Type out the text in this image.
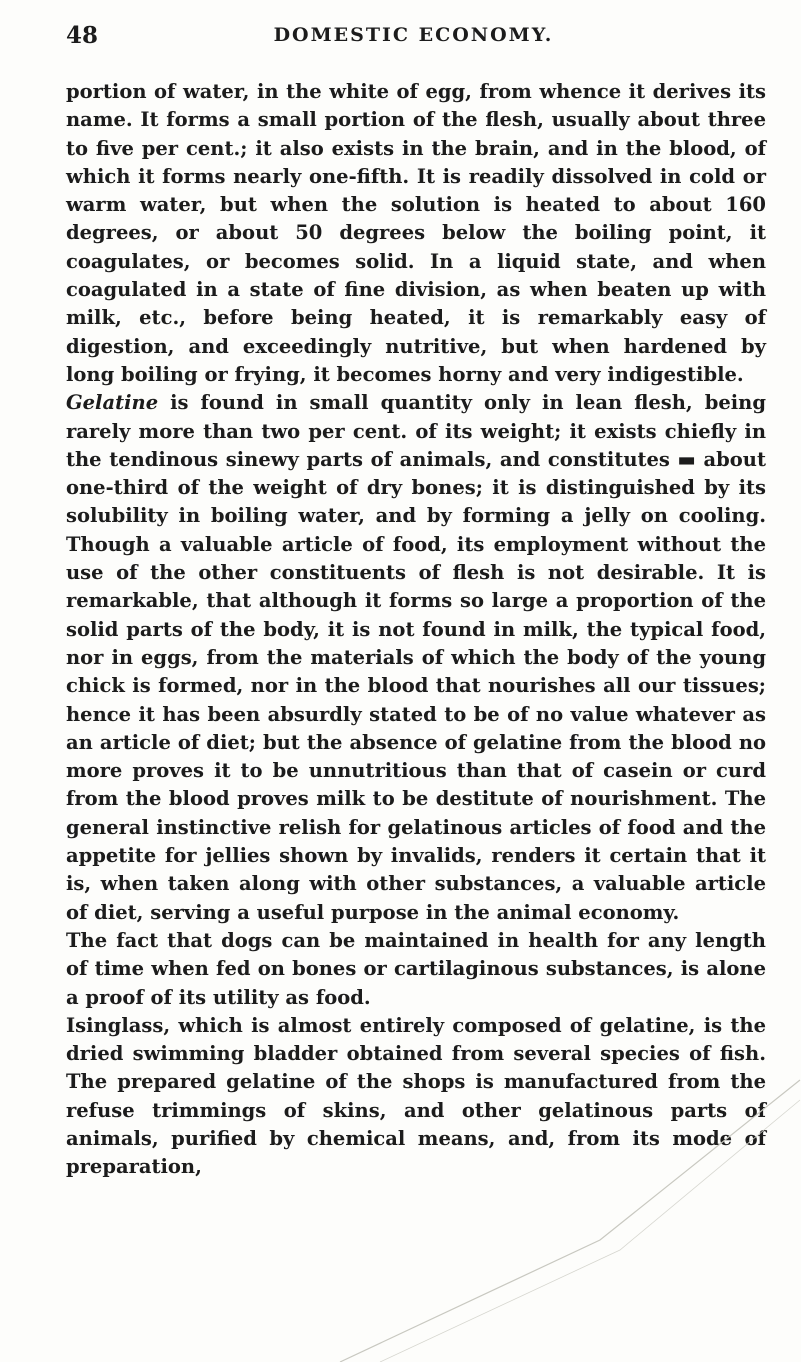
48	DOMESTIC ECONOMY.

portion of water, in the white of egg, from whence it derives its name. It forms a small portion of the flesh, usually about three to five per cent.; it also exists in the brain, and in the blood, of which it forms nearly one-fifth. It is readily dissolved in cold or warm water, but when the solution is heated to about 160 degrees, or about 50 degrees below the boiling point, it coagulates, or becomes solid. In a liquid state, and when coagulated in a state of fine division, as when beaten up with milk, etc., before being heated, it is remarkably easy of digestion, and exceedingly nutritive, but when hardened by long boiling or frying, it becomes horny and very indigestible.

Gelatine is found in small quantity only in lean flesh, being rarely more than two per cent. of its weight; it exists chiefly in the tendinous sinewy parts of animals, and constitutes ▬ about one-third of the weight of dry bones; it is distinguished by its solubility in boiling water, and by forming a jelly on cooling. Though a valuable article of food, its employment without the use of the other constituents of flesh is not desirable. It is remarkable, that although it forms so large a proportion of the solid parts of the body, it is not found in milk, the typical food, nor in eggs, from the materials of which the body of the young chick is formed, nor in the blood that nourishes all our tissues; hence it has been absurdly stated to be of no value whatever as an article of diet; but the absence of gelatine from the blood no more proves it to be unnutritious than that of casein or curd from the blood proves milk to be destitute of nourishment. The general instinctive relish for gelatinous articles of food and the appetite for jellies shown by invalids, renders it certain that it is, when taken along with other substances, a valuable article of diet, serving a useful purpose in the animal economy.

The fact that dogs can be maintained in health for any length of time when fed on bones or cartilaginous substances, is alone a proof of its utility as food.

Isinglass, which is almost entirely composed of gelatine, is the dried swimming bladder obtained from several species of fish. The prepared gelatine of the shops is manufactured from the refuse trimmings of skins, and other gelatinous parts of animals, purified by chemical means, and, from its mode of preparation,
